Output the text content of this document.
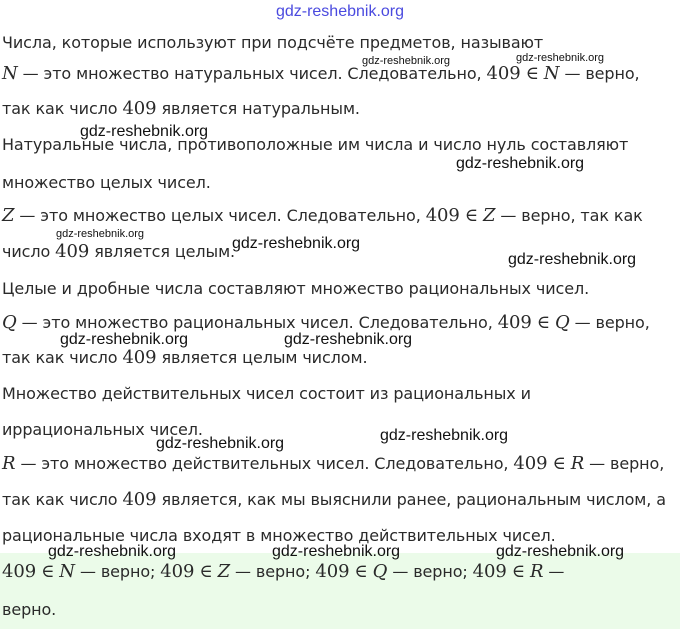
gdz-reshebnik.org
Числа, которые используют при подсчёте предметов, называют
N — это множество натуральных чисел. Следовательно, 409 ∈ N — верно,
так как число 409 является натуральным.
Натуральные числа, противоположные им числа и число нуль составляют
множество целых чисел.
Z — это множество целых чисел. Следовательно, 409 ∈ Z — верно, так как
число 409 является целым.
Целые и дробные числа составляют множество рациональных чисел.
Q — это множество рациональных чисел. Следовательно, 409 ∈ Q — верно,
так как число 409 является целым числом.
Множество действительных чисел состоит из рациональных и
иррациональных чисел.
R — это множество действительных чисел. Следовательно, 409 ∈ R — верно,
так как число 409 является, как мы выяснили ранее, рациональным числом, а
рациональные числа входят в множество действительных чисел.
409 ∈ N — верно; 409 ∈ Z — верно; 409 ∈ Q — верно; 409 ∈ R —
верно.
gdz-reshebnik.org	gdz-reshebnik.org
gdz-reshebnik.org
gdz-reshebnik.org
gdz-reshebnik.org
gdz-reshebnik.org
gdz-reshebnik.org
gdz-reshebnik.org	gdz-reshebnik.org
gdz-reshebnik.org
gdz-reshebnik.org
gdz-reshebnik.org	gdz-reshebnik.org	gdz-reshebnik.org
